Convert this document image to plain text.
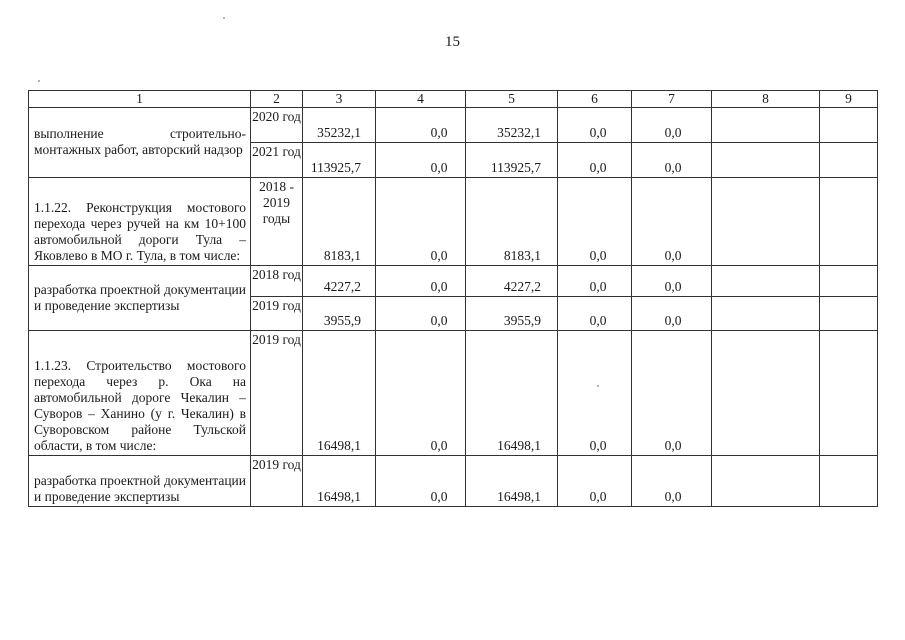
15
1	2	3	4	5	6	7	8	9
выполнение строительно-монтажных работ, авторский надзор	2020 год	35232,1	0,0	35232,1	0,0	0,0		
	2021 год	113925,7	0,0	113925,7	0,0	0,0		
1.1.22. Реконструкция мостового перехода через ручей на км 10+100 автомобильной дороги Тула – Яковлево в МО г. Тула, в том числе:	2018 - 2019 годы	8183,1	0,0	8183,1	0,0	0,0		
разработка проектной документации и проведение экспертизы	2018 год	4227,2	0,0	4227,2	0,0	0,0		
	2019 год	3955,9	0,0	3955,9	0,0	0,0		
1.1.23. Строительство мостового перехода через р. Ока на автомобильной дороге Чекалин – Суворов – Ханино (у г. Чекалин) в Суворовском районе Тульской области, в том числе:	2019 год	16498,1	0,0	16498,1	0,0	0,0		
разработка проектной документации и проведение экспертизы	2019 год	16498,1	0,0	16498,1	0,0	0,0		
